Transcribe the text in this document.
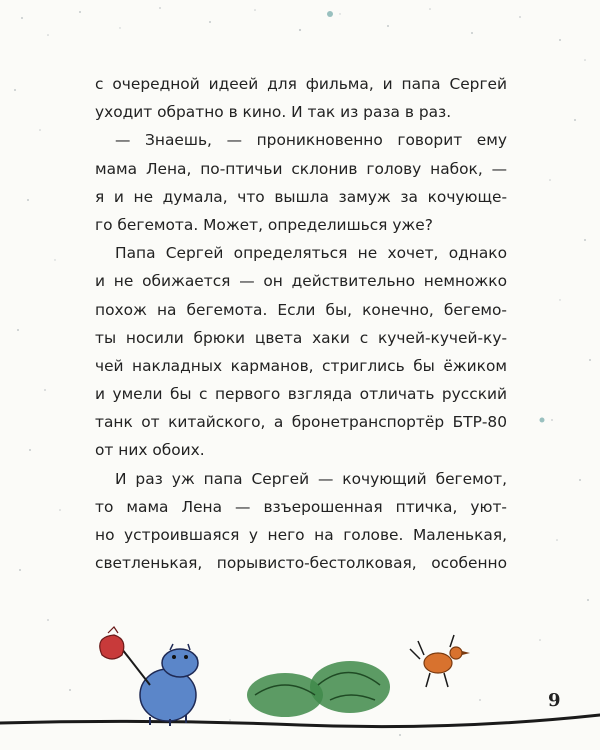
с очередной идеей для фильма, и папа Сергей
уходит обратно в кино. И так из раза в раз.
— Знаешь, — проникновенно говорит ему
мама Лена, по-птичьи склонив голову набок, —
я и не думала, что вышла замуж за кочующе-
го бегемота. Может, определишься уже?
Папа Сергей определяться не хочет, однако
и не обижается — он действительно немножко
похож на бегемота. Если бы, конечно, бегемо-
ты носили брюки цвета хаки с кучей-кучей-ку-
чей накладных карманов, стриглись бы ёжиком
и умели бы с первого взгляда отличать русский
танк от китайского, а бронетранспортёр БТР-80
от них обоих.
И раз уж папа Сергей — кочующий бегемот,
то мама Лена — взъерошенная птичка, уют-
но устроившаяся у него на голове. Маленькая,
светленькая, порывисто-бестолковая, особенно
9
